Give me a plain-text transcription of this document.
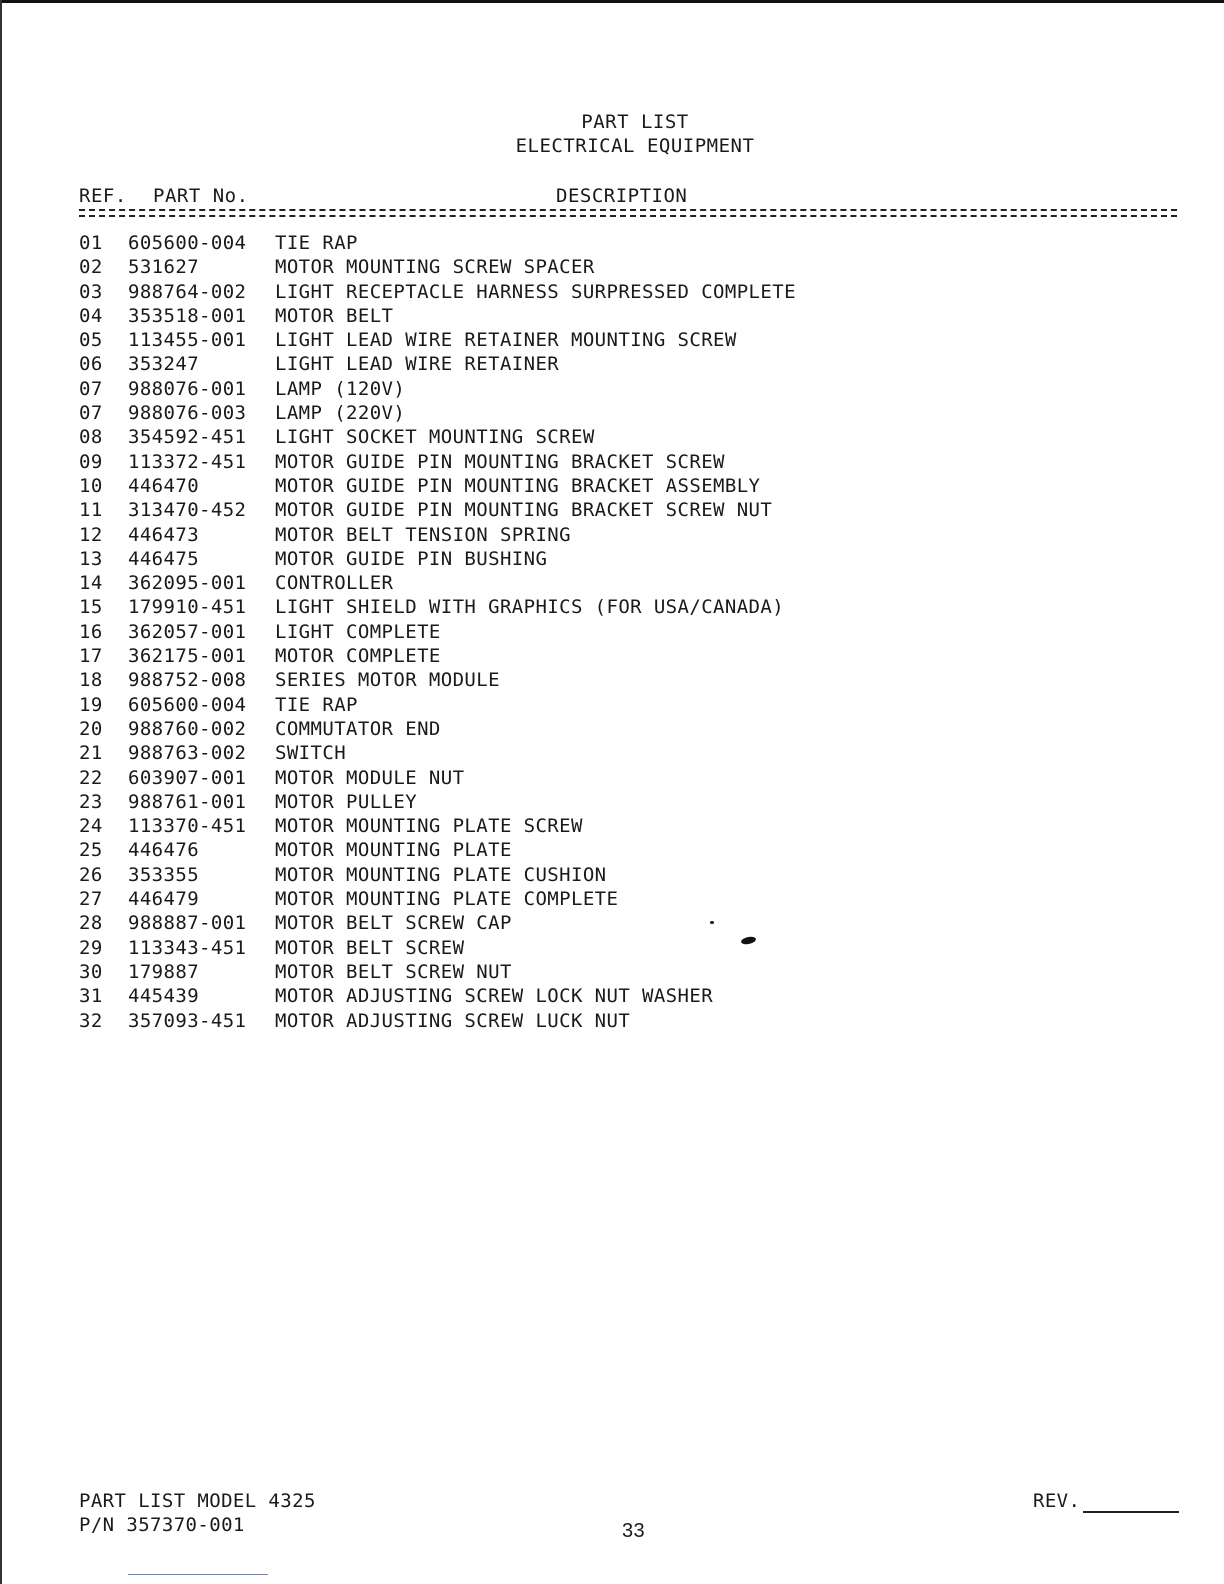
PART LIST
ELECTRICAL EQUIPMENT
REF. PART No.	DESCRIPTION
01 605600-004 TIE RAP
02 531627	MOTOR MOUNTING SCREW SPACER
03 988764-002 LIGHT RECEPTACLE HARNESS SURPRESSED COMPLETE
04 353518-001 MOTOR BELT
05 113455-001 LIGHT LEAD WIRE RETAINER MOUNTING SCREW
06 353247	LIGHT LEAD WIRE RETAINER
07 988076-001 LAMP (120V)
07 988076-003 LAMP (220V)
08 354592-451 LIGHT SOCKET MOUNTING SCREW
09 113372-451 MOTOR GUIDE PIN MOUNTING BRACKET SCREW
10 446470	MOTOR GUIDE PIN MOUNTING BRACKET ASSEMBLY
11 313470-452 MOTOR GUIDE PIN MOUNTING BRACKET SCREW NUT
12 446473	MOTOR BELT TENSION SPRING
13 446475	MOTOR GUIDE PIN BUSHING
14 362095-001 CONTROLLER
15 179910-451 LIGHT SHIELD WITH GRAPHICS (FOR USA/CANADA)
16 362057-001 LIGHT COMPLETE
17 362175-001 MOTOR COMPLETE
18 988752-008 SERIES MOTOR MODULE
19 605600-004 TIE RAP
20 988760-002 COMMUTATOR END
21 988763-002 SWITCH
22 603907-001 MOTOR MODULE NUT
23 988761-001 MOTOR PULLEY
24 113370-451 MOTOR MOUNTING PLATE SCREW
25 446476	MOTOR MOUNTING PLATE
26 353355	MOTOR MOUNTING PLATE CUSHION
27 446479	MOTOR MOUNTING PLATE COMPLETE
28 988887-001 MOTOR BELT SCREW CAP
29 113343-451 MOTOR BELT SCREW
30 179887	MOTOR BELT SCREW NUT
31 445439	MOTOR ADJUSTING SCREW LOCK NUT WASHER
32 357093-451 MOTOR ADJUSTING SCREW LUCK NUT
PART LIST MODEL 4325
P/N 357370-001	33
REV.
